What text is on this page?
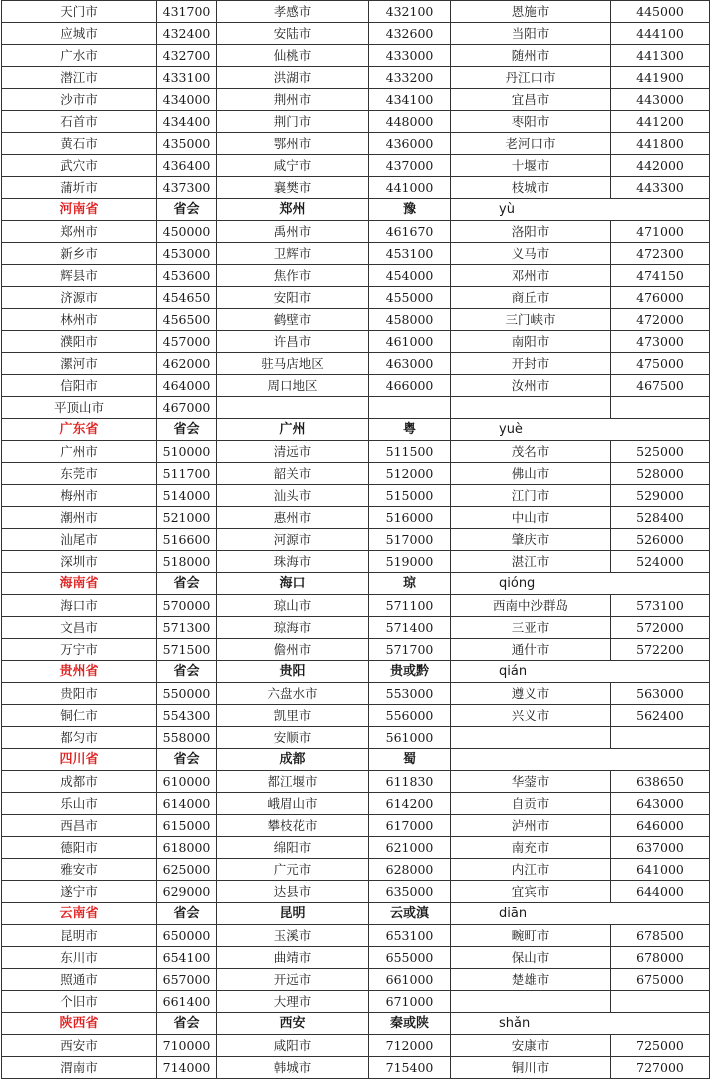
天门市	431700	孝感市	432100	恩施市	445000
应城市	432400	安陆市	432600	当阳市	444100
广水市	432700	仙桃市	433000	随州市	441300
潜江市	433100	洪湖市	433200	丹江口市	441900
沙市市	434000	荆州市	434100	宜昌市	443000
石首市	434400	荆门市	448000	枣阳市	441200
黄石市	435000	鄂州市	436000	老河口市	441800
武穴市	436400	咸宁市	437000	十堰市	442000
蒲圻市	437300	襄樊市	441000	枝城市	443300
河南省	省会	郑州	豫	yù	
郑州市	450000	禹州市	461670	洛阳市	471000
新乡市	453000	卫辉市	453100	义马市	472300
辉县市	453600	焦作市	454000	邓州市	474150
济源市	454650	安阳市	455000	商丘市	476000
林州市	456500	鹤壁市	458000	三门峡市	472000
濮阳市	457000	许昌市	461000	南阳市	473000
漯河市	462000	驻马店地区	463000	开封市	475000
信阳市	464000	周口地区	466000	汝州市	467500
平顶山市	467000				
广东省	省会	广州	粤	yuè	
广州市	510000	清远市	511500	茂名市	525000
东莞市	511700	韶关市	512000	佛山市	528000
梅州市	514000	汕头市	515000	江门市	529000
潮州市	521000	惠州市	516000	中山市	528400
汕尾市	516600	河源市	517000	肇庆市	526000
深圳市	518000	珠海市	519000	湛江市	524000
海南省	省会	海口	琼	qióng	
海口市	570000	琼山市	571100	西南中沙群岛	573100
文昌市	571300	琼海市	571400	三亚市	572000
万宁市	571500	儋州市	571700	通什市	572200
贵州省	省会	贵阳	贵或黔	qián	
贵阳市	550000	六盘水市	553000	遵义市	563000
铜仁市	554300	凯里市	556000	兴义市	562400
都匀市	558000	安顺市	561000		
四川省	省会	成都	蜀		
成都市	610000	都江堰市	611830	华蓥市	638650
乐山市	614000	峨眉山市	614200	自贡市	643000
西昌市	615000	攀枝花市	617000	泸州市	646000
德阳市	618000	绵阳市	621000	南充市	637000
雅安市	625000	广元市	628000	内江市	641000
遂宁市	629000	达县市	635000	宜宾市	644000
云南省	省会	昆明	云或滇	diān	
昆明市	650000	玉溪市	653100	畹町市	678500
东川市	654100	曲靖市	655000	保山市	678000
照通市	657000	开远市	661000	楚雄市	675000
个旧市	661400	大理市	671000		
陕西省	省会	西安	秦或陕	shǎn	
西安市	710000	咸阳市	712000	安康市	725000
渭南市	714000	韩城市	715400	铜川市	727000
